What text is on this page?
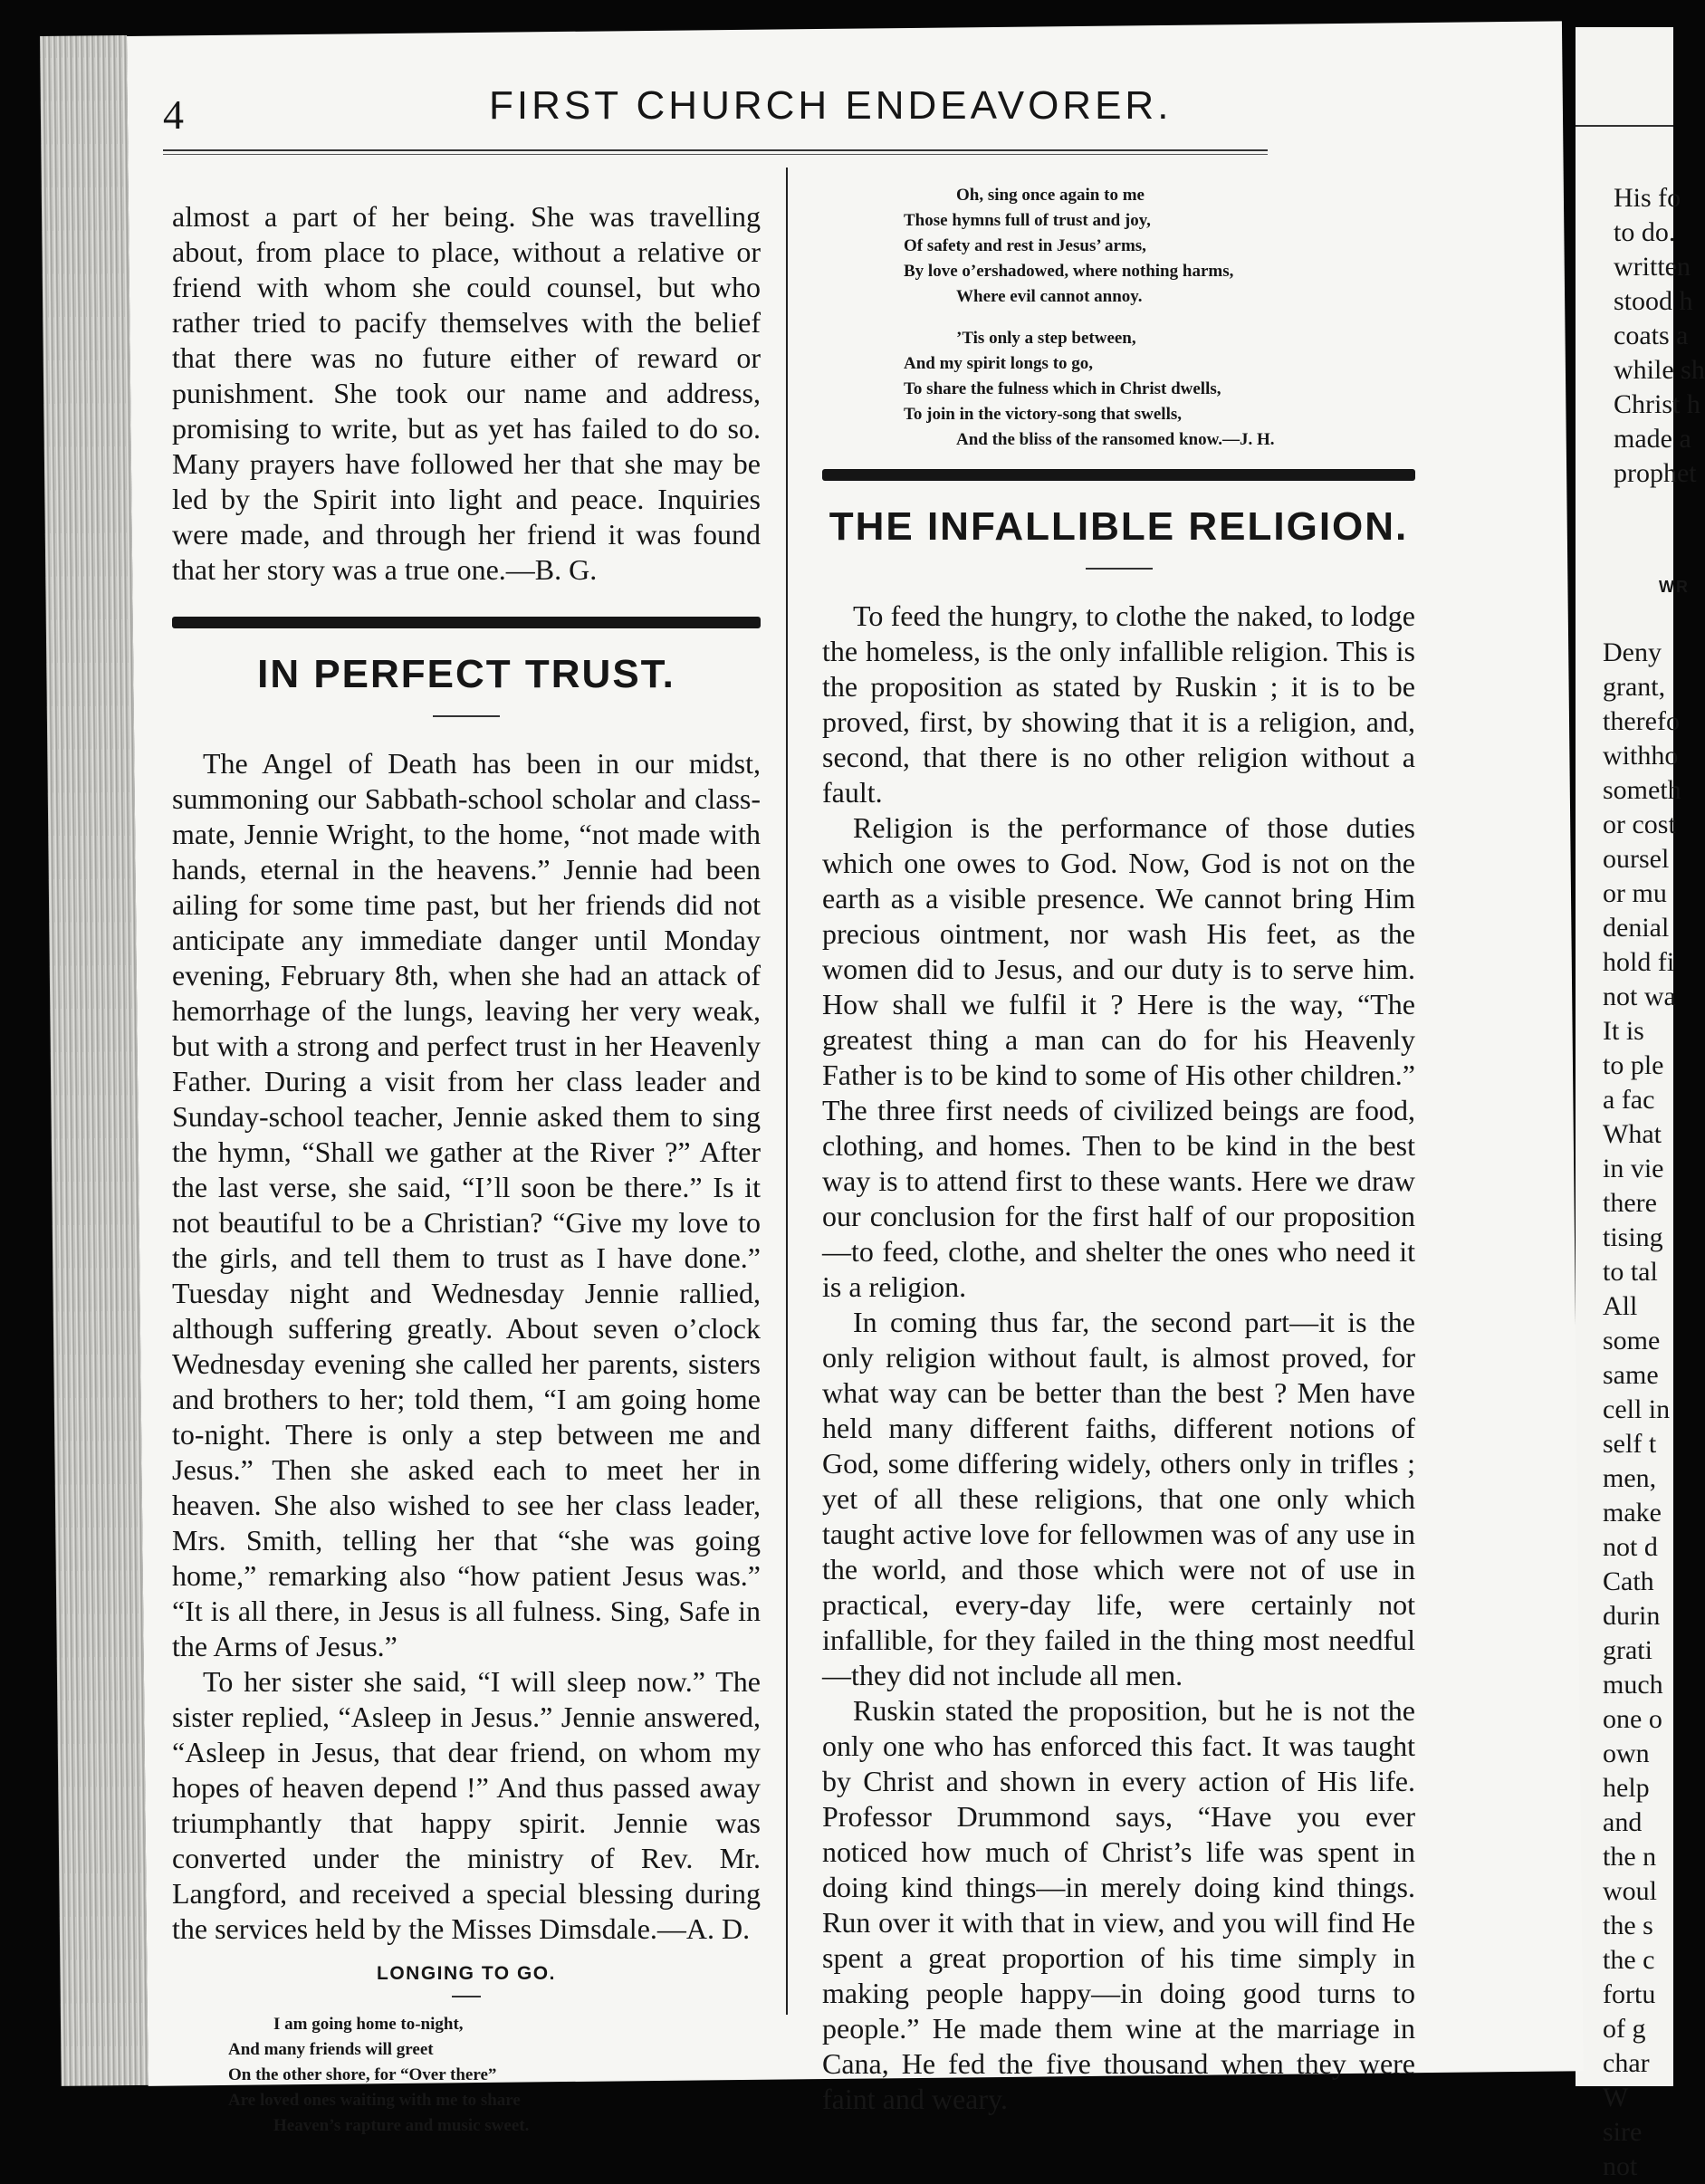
His fo
to do.
written
stood h
coats a
while sh
Christ h
made a
prophet
WR
Deny
grant,
therefo
withho
someth
or cost
oursel
or mu
denial
hold fi
not wa
It is
to ple
a fac
What
in vie
there
tising
to tal
All
some
same
cell in
self t
men,
make
not d
Cath
durin
grati
much
one o
own
help
and
the n
woul
the s
the c
fortu
of g
char
W
sire
not
4	FIRST CHURCH ENDEAVORER.

almost a part of her being. She was travelling about, from place to place, without a relative or friend with whom she could counsel, but who rather tried to pacify themselves with the belief that there was no future either of reward or punishment. She took our name and address, promising to write, but as yet has failed to do so. Many prayers have followed her that she may be led by the Spirit into light and peace. Inquiries were made, and through her friend it was found that her story was a true one.—B. G.

IN PERFECT TRUST.

The Angel of Death has been in our midst, summoning our Sabbath-school scholar and class-mate, Jennie Wright, to the home, “not made with hands, eternal in the heavens.” Jennie had been ailing for some time past, but her friends did not anticipate any immediate danger until Monday evening, February 8th, when she had an attack of hemorrhage of the lungs, leaving her very weak, but with a strong and perfect trust in her Heavenly Father. During a visit from her class leader and Sunday-school teacher, Jennie asked them to sing the hymn, “Shall we gather at the River ?” After the last verse, she said, “I’ll soon be there.” Is it not beautiful to be a Christian? “Give my love to the girls, and tell them to trust as I have done.” Tuesday night and Wednesday Jennie rallied, although suffering greatly. About seven o’clock Wednesday evening she called her parents, sisters and brothers to her; told them, “I am going home to-night. There is only a step between me and Jesus.” Then she asked each to meet her in heaven. She also wished to see her class leader, Mrs. Smith, telling her that “she was going home,” remarking also “how patient Jesus was.” “It is all there, in Jesus is all fulness. Sing, Safe in the Arms of Jesus.”

To her sister she said, “I will sleep now.” The sister replied, “Asleep in Jesus.” Jennie answered, “Asleep in Jesus, that dear friend, on whom my hopes of heaven depend !” And thus passed away triumphantly that happy spirit. Jennie was converted under the ministry of Rev. Mr. Langford, and received a special blessing during the services held by the Misses Dimsdale.—A. D.

LONGING TO GO.
I am going home to-night,
And many friends will greet
On the other shore, for “Over there”
Are loved ones waiting with me to share
Heaven’s rapture and music sweet.
Oh, sing once again to me
Those hymns full of trust and joy,
Of safety and rest in Jesus’ arms,
By love o’ershadowed, where nothing harms,
Where evil cannot annoy.
’Tis only a step between,
And my spirit longs to go,
To share the fulness which in Christ dwells,
To join in the victory-song that swells,
And the bliss of the ransomed know.—J. H.
THE INFALLIBLE RELIGION.

To feed the hungry, to clothe the naked, to lodge the homeless, is the only infallible religion. This is the proposition as stated by Ruskin ; it is to be proved, first, by showing that it is a religion, and, second, that there is no other religion without a fault.

Religion is the performance of those duties which one owes to God. Now, God is not on the earth as a visible presence. We cannot bring Him precious ointment, nor wash His feet, as the women did to Jesus, and our duty is to serve him. How shall we fulfil it ? Here is the way, “The greatest thing a man can do for his Heavenly Father is to be kind to some of His other children.” The three first needs of civilized beings are food, clothing, and homes. Then to be kind in the best way is to attend first to these wants. Here we draw our conclusion for the first half of our proposition—to feed, clothe, and shelter the ones who need it is a religion.

In coming thus far, the second part—it is the only religion without fault, is almost proved, for what way can be better than the best ? Men have held many different faiths, different notions of God, some differing widely, others only in trifles ; yet of all these religions, that one only which taught active love for fellowmen was of any use in the world, and those which were not of use in practical, every-day life, were certainly not infallible, for they failed in the thing most needful—they did not include all men.

Ruskin stated the proposition, but he is not the only one who has enforced this fact. It was taught by Christ and shown in every action of His life. Professor Drummond says, “Have you ever noticed how much of Christ’s life was spent in doing kind things—in merely doing kind things. Run over it with that in view, and you will find He spent a great proportion of his time simply in making people happy—in doing good turns to people.” He made them wine at the marriage in Cana, He fed the five thousand when they were faint and weary.
